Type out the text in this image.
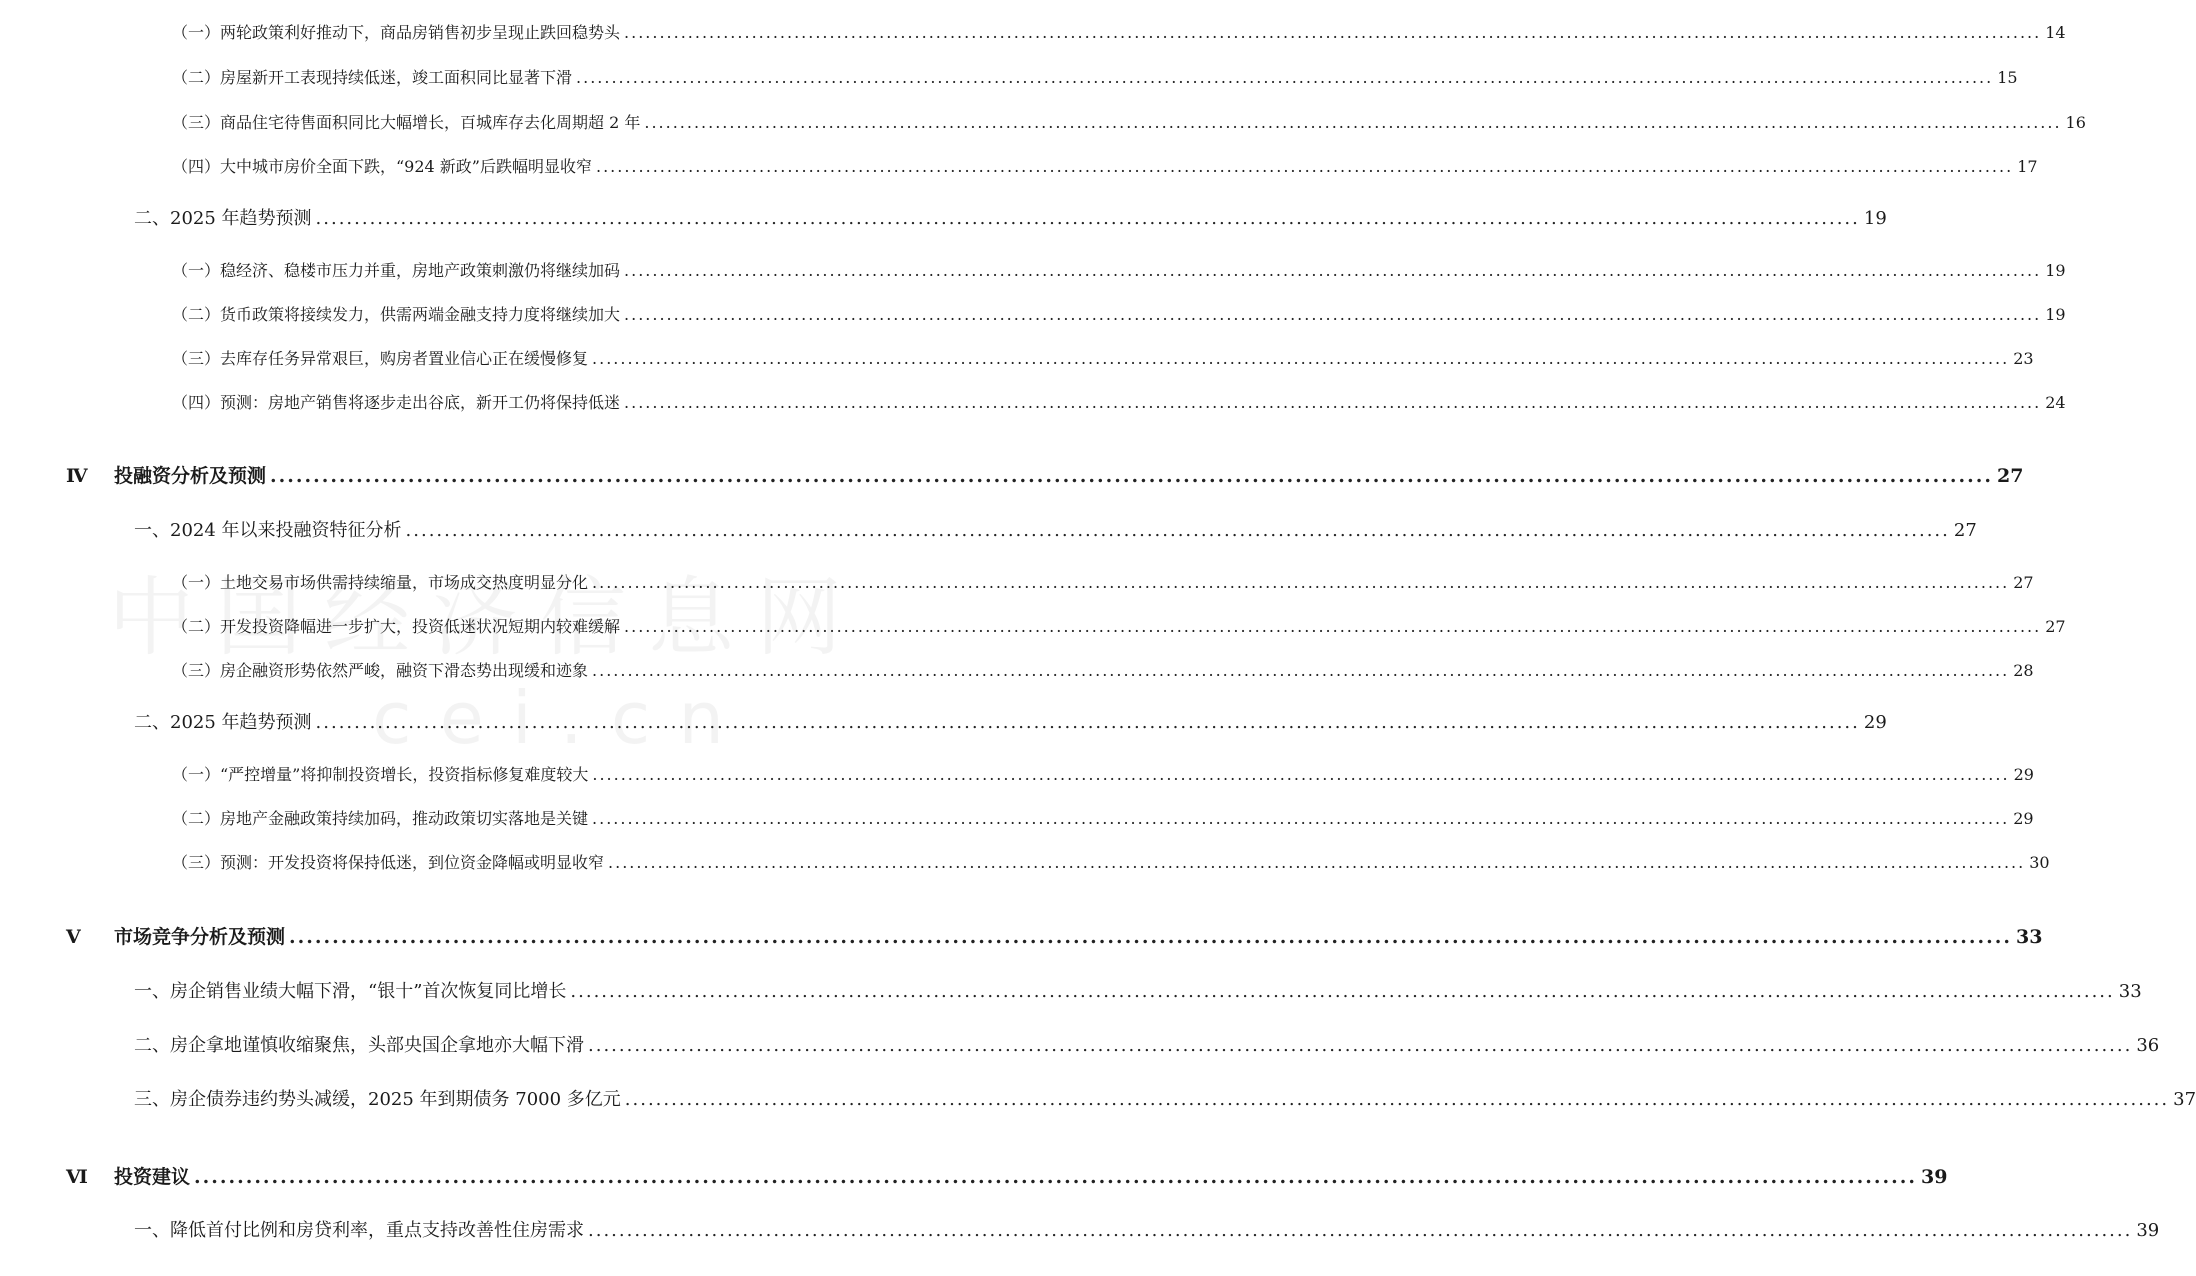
（一）两轮政策利好推动下，商品房销售初步呈现止跌回稳势头 ........................................................................................................................................................................................................ 14
（二）房屋新开工表现持续低迷，竣工面积同比显著下滑 ........................................................................................................................................................................................................ 15
（三）商品住宅待售面积同比大幅增长，百城库存去化周期超 2 年 ........................................................................................................................................................................................................ 16
（四）大中城市房价全面下跌，“924 新政”后跌幅明显收窄 ........................................................................................................................................................................................................ 17
二、2025 年趋势预测 ........................................................................................................................................................................................................ 19
（一）稳经济、稳楼市压力并重，房地产政策刺激仍将继续加码 ........................................................................................................................................................................................................ 19
（二）货币政策将接续发力，供需两端金融支持力度将继续加大 ........................................................................................................................................................................................................ 19
（三）去库存任务异常艰巨，购房者置业信心正在缓慢修复 ........................................................................................................................................................................................................ 23
（四）预测：房地产销售将逐步走出谷底，新开工仍将保持低迷 ........................................................................................................................................................................................................ 24
Ⅳ 投融资分析及预测 ........................................................................................................................................................................................................ 27
一、2024 年以来投融资特征分析 ........................................................................................................................................................................................................ 27
（一）土地交易市场供需持续缩量，市场成交热度明显分化 ........................................................................................................................................................................................................ 27
（二）开发投资降幅进一步扩大，投资低迷状况短期内较难缓解 ........................................................................................................................................................................................................ 27
（三）房企融资形势依然严峻，融资下滑态势出现缓和迹象 ........................................................................................................................................................................................................ 28
二、2025 年趋势预测 ........................................................................................................................................................................................................ 29
（一）“严控增量”将抑制投资增长，投资指标修复难度较大 ........................................................................................................................................................................................................ 29
（二）房地产金融政策持续加码，推动政策切实落地是关键 ........................................................................................................................................................................................................ 29
（三）预测：开发投资将保持低迷，到位资金降幅或明显收窄 ........................................................................................................................................................................................................ 30
Ⅴ 市场竞争分析及预测 ........................................................................................................................................................................................................ 33
一、房企销售业绩大幅下滑，“银十”首次恢复同比增长 ........................................................................................................................................................................................................ 33
二、房企拿地谨慎收缩聚焦，头部央国企拿地亦大幅下滑 ........................................................................................................................................................................................................ 36
三、房企债券违约势头减缓，2025 年到期债务 7000 多亿元 ........................................................................................................................................................................................................ 37
Ⅵ 投资建议 ........................................................................................................................................................................................................ 39
一、降低首付比例和房贷利率，重点支持改善性住房需求 ........................................................................................................................................................................................................ 39
